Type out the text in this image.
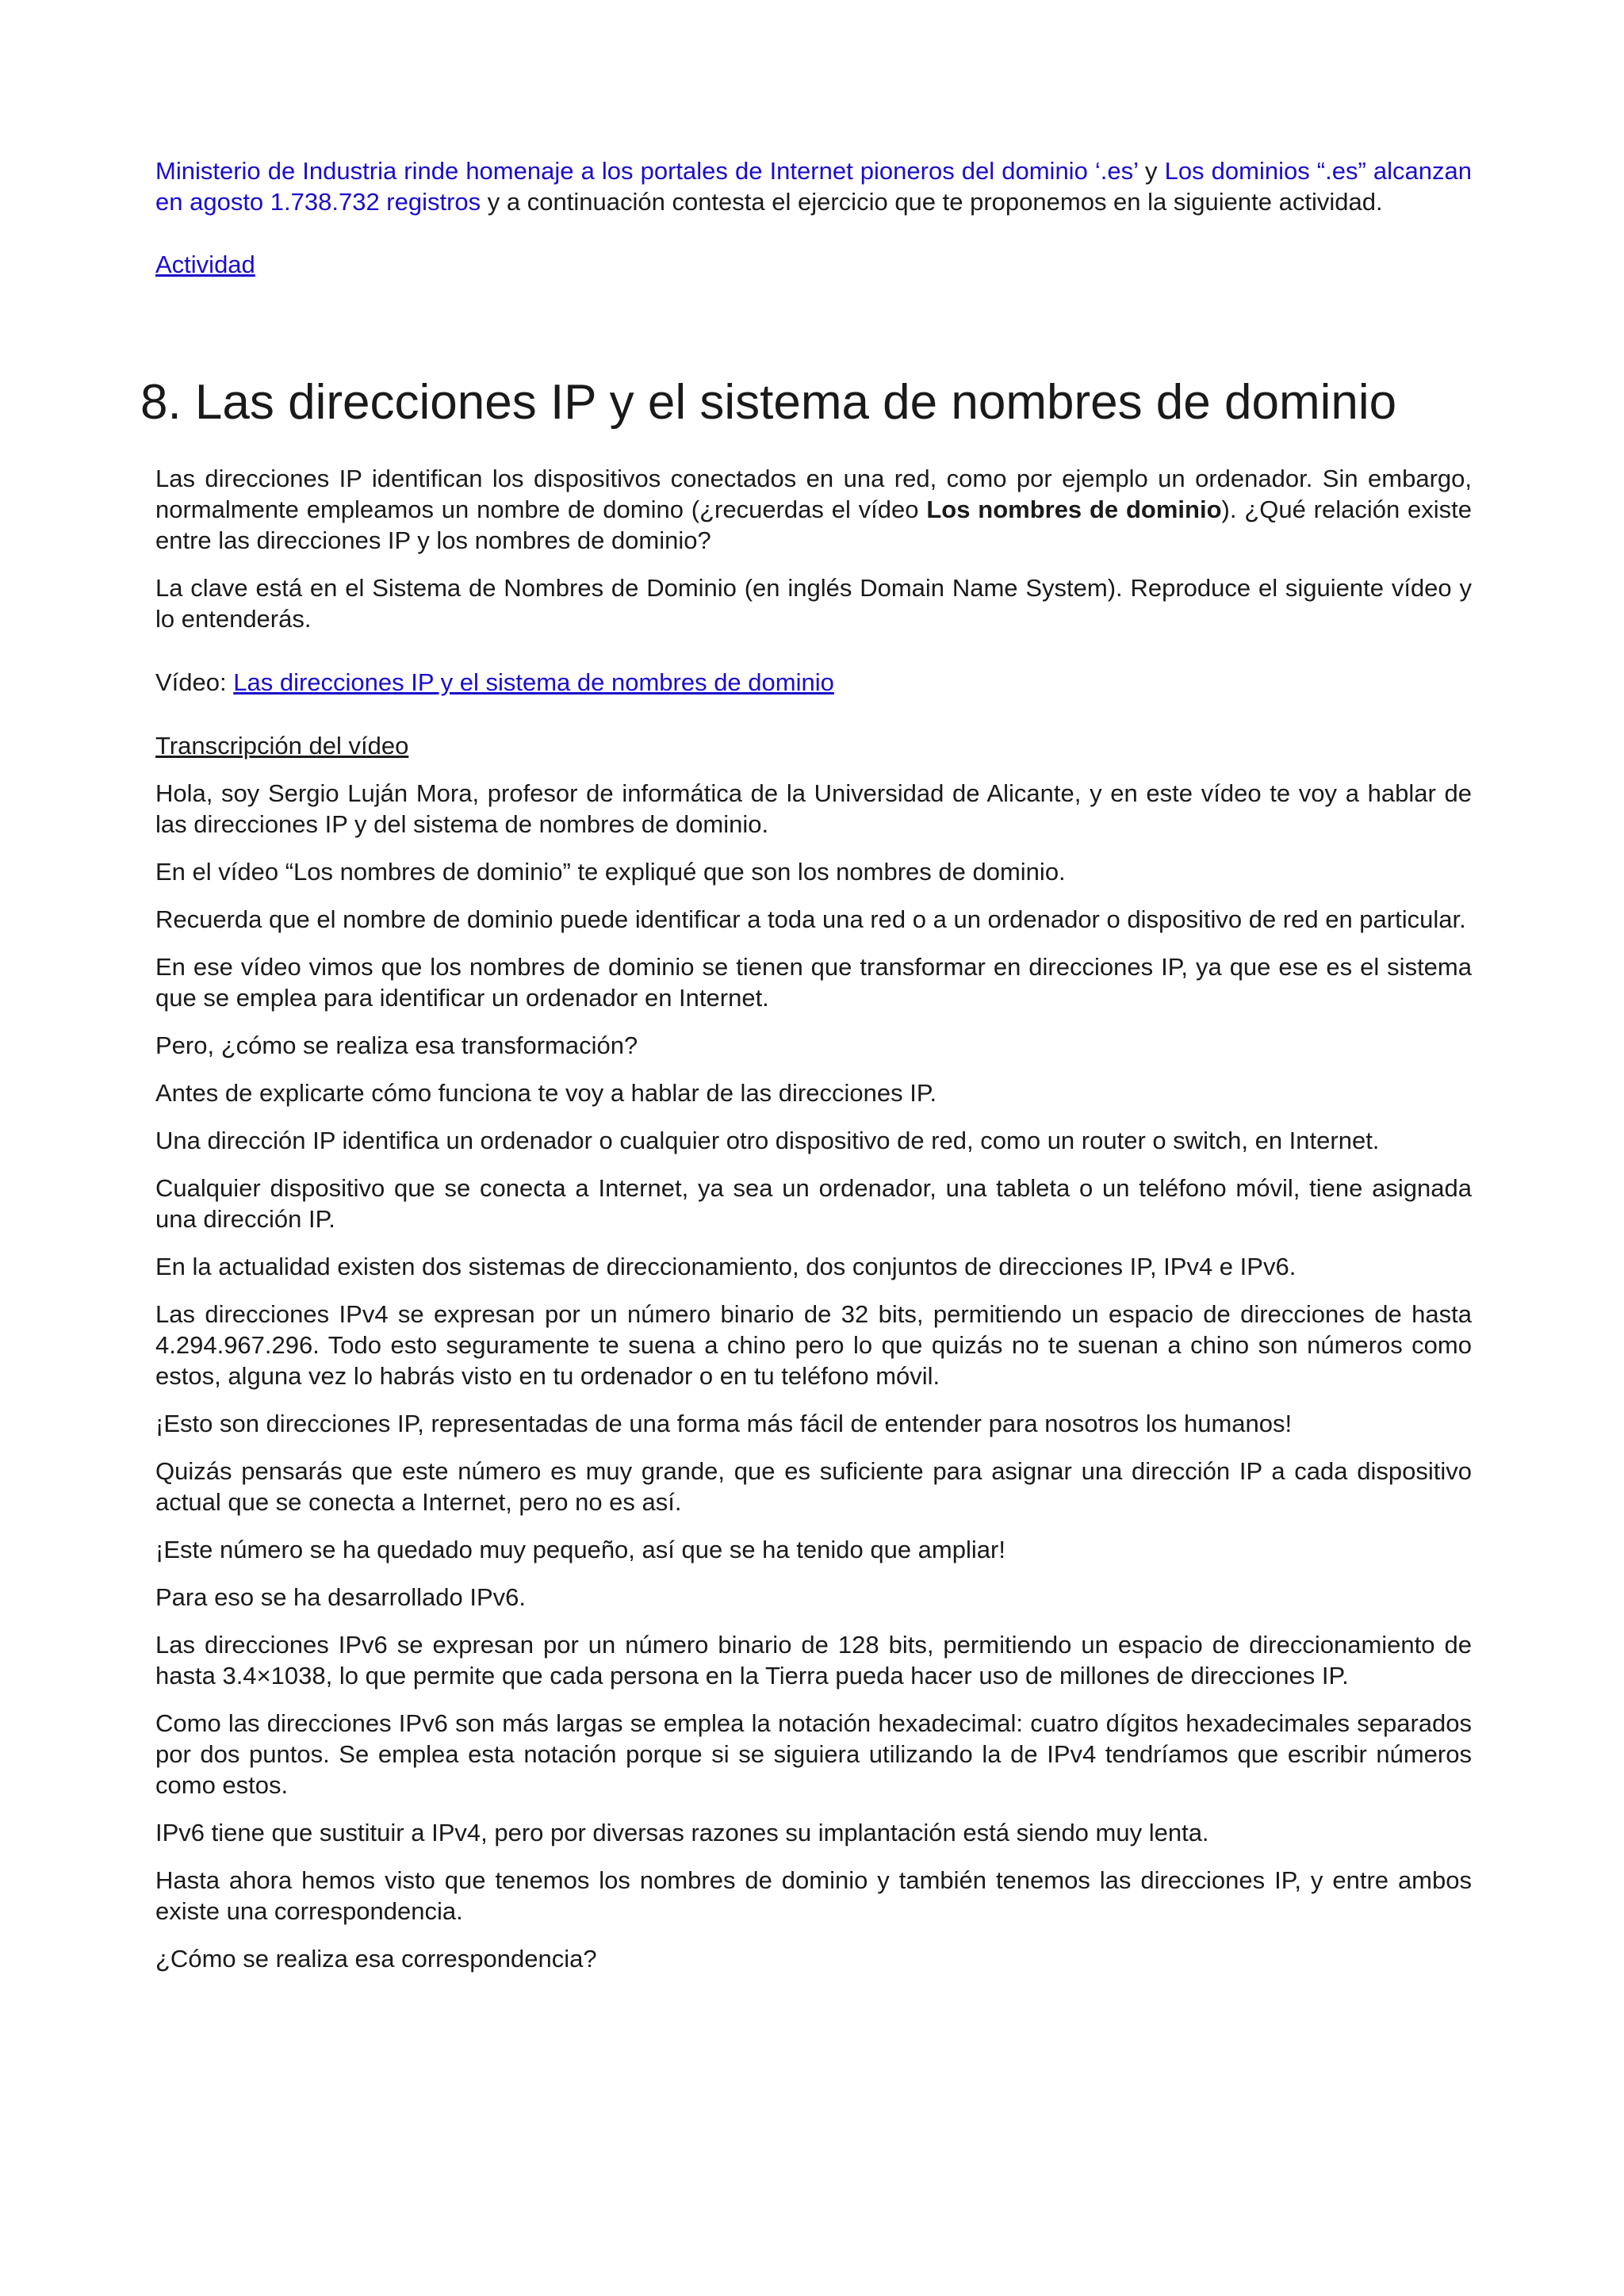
Ministerio de Industria rinde homenaje a los portales de Internet pioneros del dominio ‘.es’ y Los dominios “.es” alcanzan en agosto 1.738.732 registros y a continuación contesta el ejercicio que te proponemos en la siguiente actividad.

Actividad

8. Las direcciones IP y el sistema de nombres de dominio

Las direcciones IP identifican los dispositivos conectados en una red, como por ejemplo un ordenador. Sin embargo, normalmente empleamos un nombre de domino (¿recuerdas el vídeo Los nombres de dominio). ¿Qué relación existe entre las direcciones IP y los nombres de dominio?

La clave está en el Sistema de Nombres de Dominio (en inglés Domain Name System). Reproduce el siguiente vídeo y lo entenderás.

Vídeo: Las direcciones IP y el sistema de nombres de dominio

Transcripción del vídeo

Hola, soy Sergio Luján Mora, profesor de informática de la Universidad de Alicante, y en este vídeo te voy a hablar de las direcciones IP y del sistema de nombres de dominio.

En el vídeo “Los nombres de dominio” te expliqué que son los nombres de dominio.

Recuerda que el nombre de dominio puede identificar a toda una red o a un ordenador o dispositivo de red en particular.

En ese vídeo vimos que los nombres de dominio se tienen que transformar en direcciones IP, ya que ese es el sistema que se emplea para identificar un ordenador en Internet.

Pero, ¿cómo se realiza esa transformación?

Antes de explicarte cómo funciona te voy a hablar de las direcciones IP.

Una dirección IP identifica un ordenador o cualquier otro dispositivo de red, como un router o switch, en Internet.

Cualquier dispositivo que se conecta a Internet, ya sea un ordenador, una tableta o un teléfono móvil, tiene asignada una dirección IP.

En la actualidad existen dos sistemas de direccionamiento, dos conjuntos de direcciones IP, IPv4 e IPv6.

Las direcciones IPv4 se expresan por un número binario de 32 bits, permitiendo un espacio de direcciones de hasta 4.294.967.296. Todo esto seguramente te suena a chino pero lo que quizás no te suenan a chino son números como estos, alguna vez lo habrás visto en tu ordenador o en tu teléfono móvil.

¡Esto son direcciones IP, representadas de una forma más fácil de entender para nosotros los humanos!

Quizás pensarás que este número es muy grande, que es suficiente para asignar una dirección IP a cada dispositivo actual que se conecta a Internet, pero no es así.

¡Este número se ha quedado muy pequeño, así que se ha tenido que ampliar!

Para eso se ha desarrollado IPv6.

Las direcciones IPv6 se expresan por un número binario de 128 bits, permitiendo un espacio de direccionamiento de hasta 3.4×1038, lo que permite que cada persona en la Tierra pueda hacer uso de millones de direcciones IP.

Como las direcciones IPv6 son más largas se emplea la notación hexadecimal: cuatro dígitos hexadecimales separados por dos puntos. Se emplea esta notación porque si se siguiera utilizando la de IPv4 tendríamos que escribir números como estos.

IPv6 tiene que sustituir a IPv4, pero por diversas razones su implantación está siendo muy lenta.

Hasta ahora hemos visto que tenemos los nombres de dominio y también tenemos las direcciones IP, y entre ambos existe una correspondencia.

¿Cómo se realiza esa correspondencia?
